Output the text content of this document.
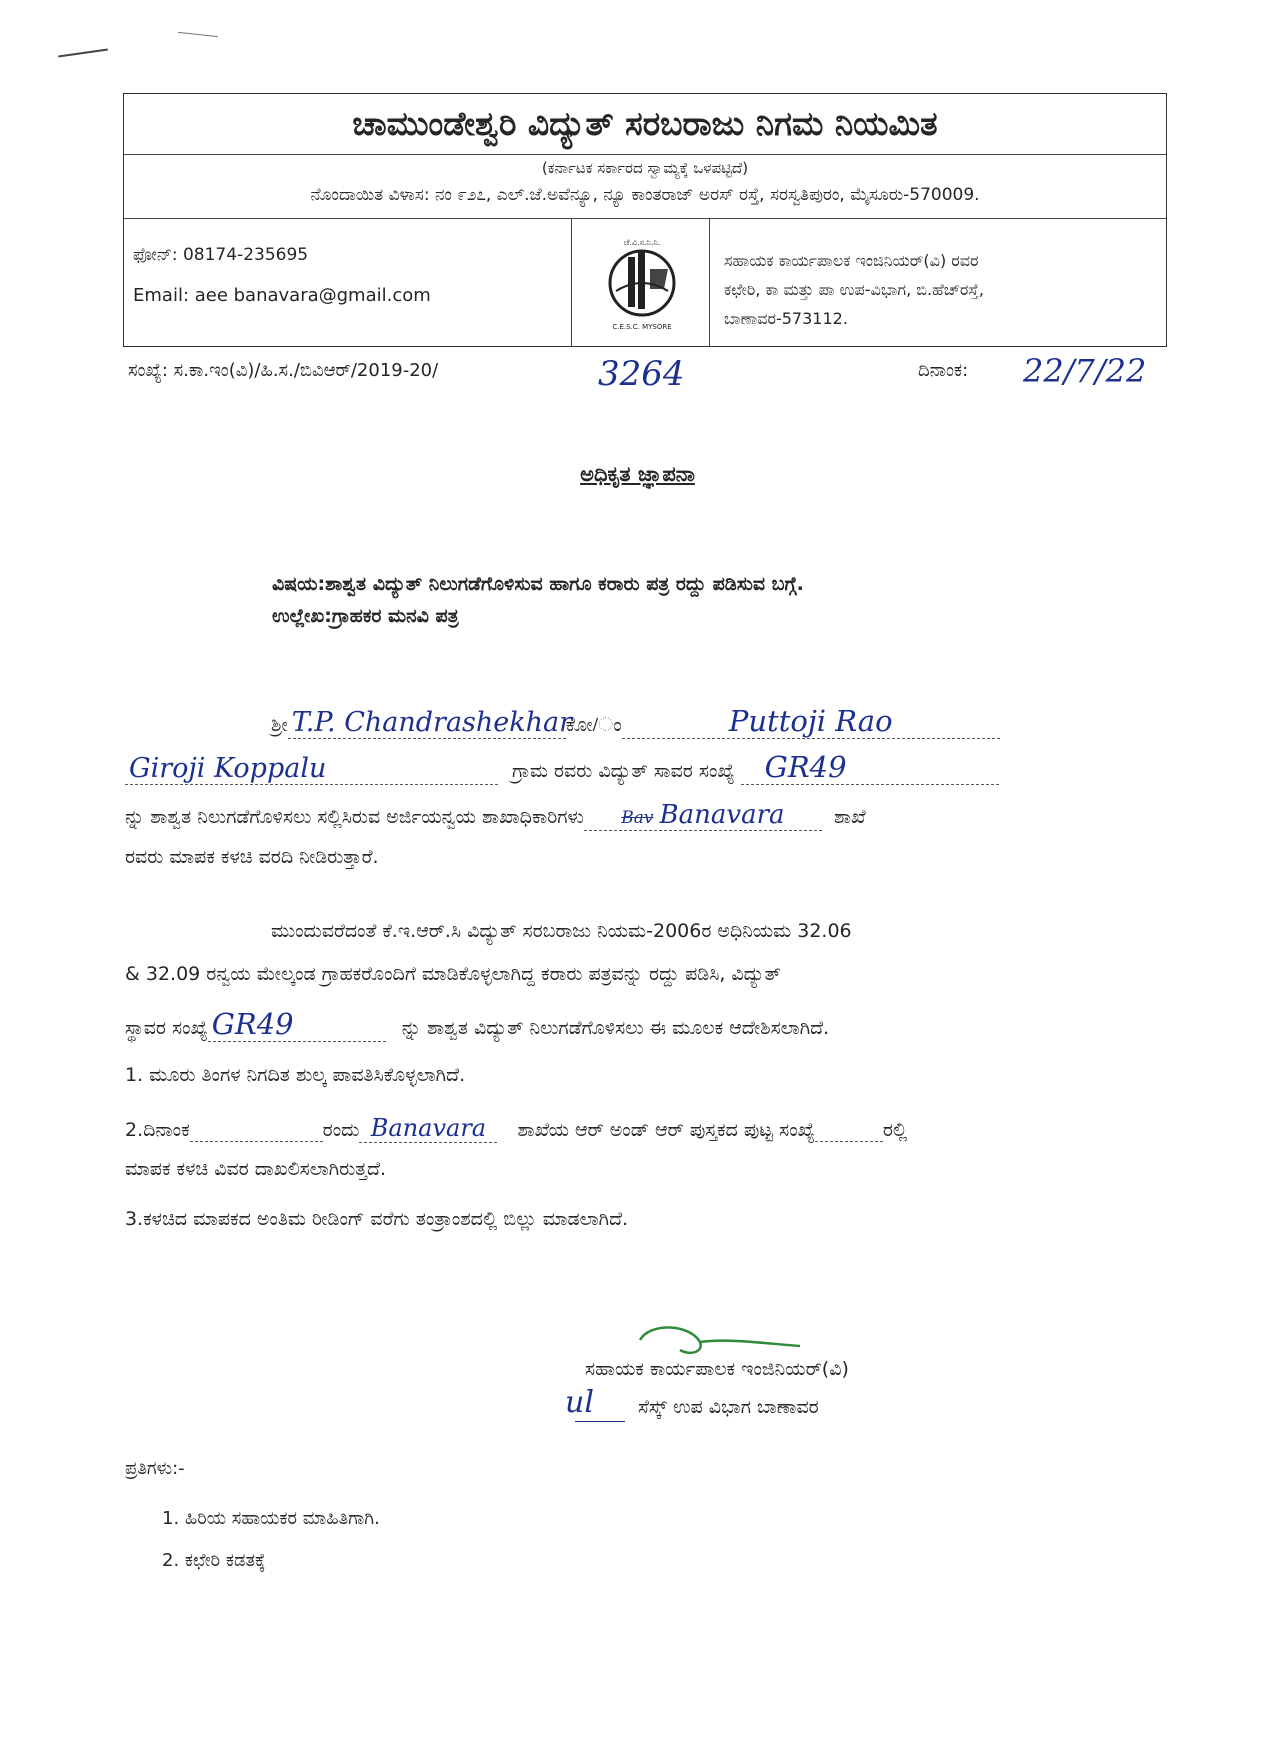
ಚಾಮುಂಡೇಶ್ವರಿ ವಿದ್ಯುತ್ ಸರಬರಾಜು ನಿಗಮ ನಿಯಮಿತ
(ಕರ್ನಾಟಕ ಸರ್ಕಾರದ ಸ್ವಾಮ್ಯಕ್ಕೆ ಒಳಪಟ್ಟಿದೆ)
ನೊಂದಾಯಿತ ವಿಳಾಸ: ನಂ ೯೨೭, ಎಲ್.ಜೆ.ಅವೆನ್ಯೂ, ನ್ಯೂ ಕಾಂತರಾಜ್ ಅರಸ್ ರಸ್ತೆ, ಸರಸ್ವತಿಪುರಂ, ಮೈಸೂರು-570009.
ಫೋನ್: 08174-235695
Email: aee banavara@gmail.com
ಚೆ.ವಿ.ಸ.ನಿ.ನಿ.
C.E.S.C. MYSORE
ಸಹಾಯಕ ಕಾರ್ಯಪಾಲಕ ಇಂಜಿನಿಯರ್(ವಿ) ರವರ
ಕಛೇರಿ, ಕಾ ಮತ್ತು ಪಾ ಉಪ-ವಿಭಾಗ, ಬಿ.ಹೆಚ್‌ರಸ್ತೆ,
ಬಾಣಾವರ-573112.
ಸಂಖ್ಯೆ: ಸ.ಕಾ.ಇಂ(ವಿ)/ಹಿ.ಸ./ಬಿವಿಆರ್/2019-20/	3264	ದಿನಾಂಕ: 22/7/22
ಅಧಿಕೃತ ಜ್ಞಾಪನಾ
ವಿಷಯ:ಶಾಶ್ವತ ವಿದ್ಯುತ್ ನಿಲುಗಡೆಗೊಳಿಸುವ ಹಾಗೂ ಕರಾರು ಪತ್ರ ರದ್ದು ಪಡಿಸುವ ಬಗ್ಗೆ.
ಉಲ್ಲೇಖ:ಗ್ರಾಹಕರ ಮನವಿ ಪತ್ರ
ಶ್ರೀ T.P. Chandrashekharಕೋ/ಂ	Puttoji Rao
Giroji Koppalu	ಗ್ರಾಮ ರವರು ವಿದ್ಯುತ್ ಸಾವರ ಸಂಖ್ಯೆ GR49
ನ್ನು ಶಾಶ್ವತ ನಿಲುಗಡೆಗೊಳಿಸಲು ಸಲ್ಲಿಸಿರುವ ಅರ್ಜಿಯನ್ವಯ ಶಾಖಾಧಿಕಾರಿಗಳು Bav Banavara	ಶಾಖೆ
ರವರು ಮಾಪಕ ಕಳಚಿ ವರದಿ ನೀಡಿರುತ್ತಾರೆ.
ಮುಂದುವರೆದಂತೆ ಕೆ.ಇ.ಆರ್.ಸಿ ವಿದ್ಯುತ್ ಸರಬರಾಜು ನಿಯಮ-2006ರ ಅಧಿನಿಯಮ 32.06
& 32.09 ರನ್ವಯ ಮೇಲ್ಕಂಡ ಗ್ರಾಹಕರೊಂದಿಗೆ ಮಾಡಿಕೊಳ್ಳಲಾಗಿದ್ದ ಕರಾರು ಪತ್ರವನ್ನು ರದ್ದು ಪಡಿಸಿ, ವಿದ್ಯುತ್
ಸ್ಥಾವರ ಸಂಖ್ಯೆ GR49	ನ್ನು ಶಾಶ್ವತ ವಿದ್ಯುತ್ ನಿಲುಗಡೆಗೊಳಿಸಲು ಈ ಮೂಲಕ ಆದೇಶಿಸಲಾಗಿದೆ.
1. ಮೂರು ತಿಂಗಳ ನಿಗದಿತ ಶುಲ್ಕ ಪಾವತಿಸಿಕೊಳ್ಳಲಾಗಿದೆ.
2.ದಿನಾಂಕ	ರಂದು Banavara ಶಾಖೆಯ ಆರ್ ಅಂಡ್ ಆರ್ ಪುಸ್ತಕದ ಪುಟ್ಟ ಸಂಖ್ಯೆ	ರಲ್ಲಿ
ಮಾಪಕ ಕಳಚಿ ವಿವರ ದಾಖಲಿಸಲಾಗಿರುತ್ತದೆ.
3.ಕಳಚಿದ ಮಾಪಕದ ಅಂತಿಮ ರೀಡಿಂಗ್ ವರೆಗು ತಂತ್ರಾಂಶದಲ್ಲಿ ಬಿಲ್ಲು ಮಾಡಲಾಗಿದೆ.
ಸಹಾಯಕ ಕಾರ್ಯಪಾಲಕ ಇಂಜಿನಿಯರ್(ವಿ)
ul ಸೆಸ್ಕ್ ಉಪ ವಿಭಾಗ ಬಾಣಾವರ
ಪ್ರತಿಗಳು:-
1. ಹಿರಿಯ ಸಹಾಯಕರ ಮಾಹಿತಿಗಾಗಿ.
2. ಕಛೇರಿ ಕಡತಕ್ಕೆ
